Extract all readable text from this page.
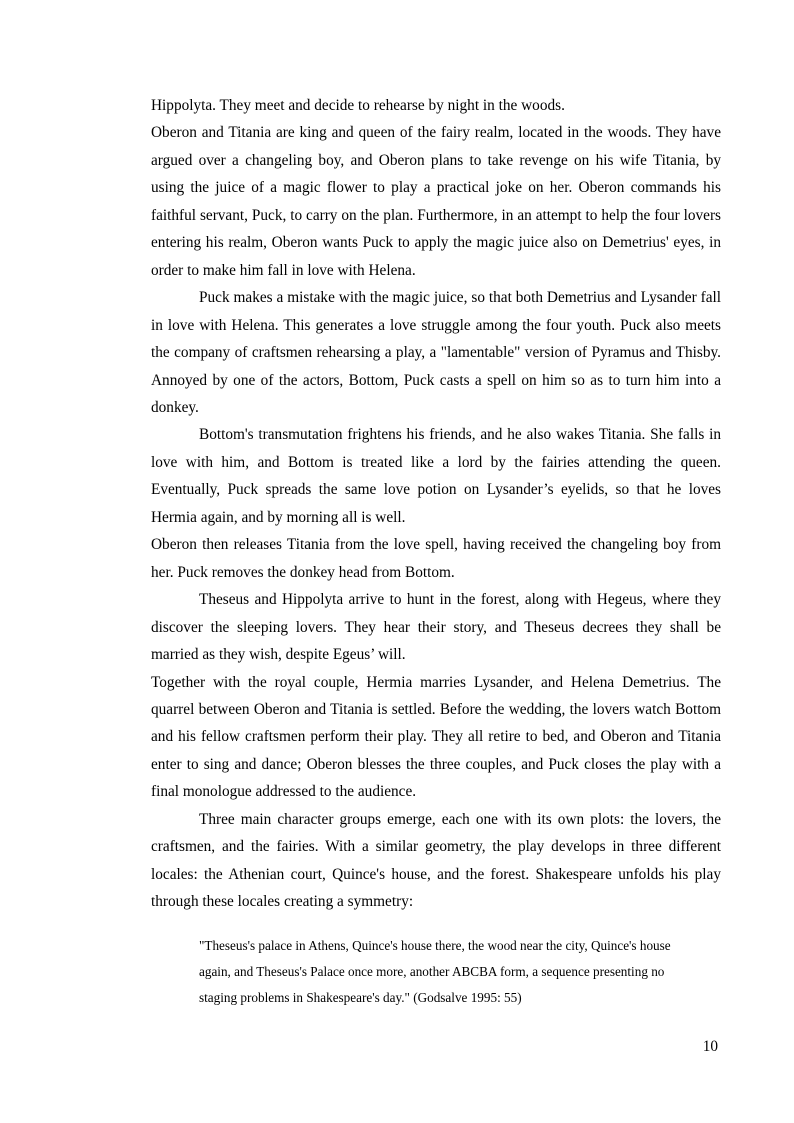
Hippolyta. They meet and decide to rehearse by night in the woods.

Oberon and Titania are king and queen of the fairy realm, located in the woods. They have argued over a changeling boy, and Oberon plans to take revenge on his wife Titania, by using the juice of a magic flower to play a practical joke on her. Oberon commands his faithful servant, Puck, to carry on the plan. Furthermore, in an attempt to help the four lovers entering his realm, Oberon wants Puck to apply the magic juice also on Demetrius' eyes, in order to make him fall in love with Helena.

Puck makes a mistake with the magic juice, so that both Demetrius and Lysander fall in love with Helena. This generates a love struggle among the four youth. Puck also meets the company of craftsmen rehearsing a play, a "lamentable" version of Pyramus and Thisby. Annoyed by one of the actors, Bottom, Puck casts a spell on him so as to turn him into a donkey.

Bottom's transmutation frightens his friends, and he also wakes Titania. She falls in love with him, and Bottom is treated like a lord by the fairies attending the queen. Eventually, Puck spreads the same love potion on Lysander’s eyelids, so that he loves Hermia again, and by morning all is well.

Oberon then releases Titania from the love spell, having received the changeling boy from her. Puck removes the donkey head from Bottom.

Theseus and Hippolyta arrive to hunt in the forest, along with Hegeus, where they discover the sleeping lovers. They hear their story, and Theseus decrees they shall be married as they wish, despite Egeus’ will.

Together with the royal couple, Hermia marries Lysander, and Helena Demetrius. The quarrel between Oberon and Titania is settled. Before the wedding, the lovers watch Bottom and his fellow craftsmen perform their play. They all retire to bed, and Oberon and Titania enter to sing and dance; Oberon blesses the three couples, and Puck closes the play with a final monologue addressed to the audience.

Three main character groups emerge, each one with its own plots: the lovers, the craftsmen, and the fairies. With a similar geometry, the play develops in three different locales: the Athenian court, Quince's house, and the forest. Shakespeare unfolds his play through these locales creating a symmetry:

"Theseus's palace in Athens, Quince's house there, the wood near the city, Quince's house again, and Theseus's Palace once more, another ABCBA form, a sequence presenting no staging problems in Shakespeare's day." (Godsalve 1995: 55)

10
